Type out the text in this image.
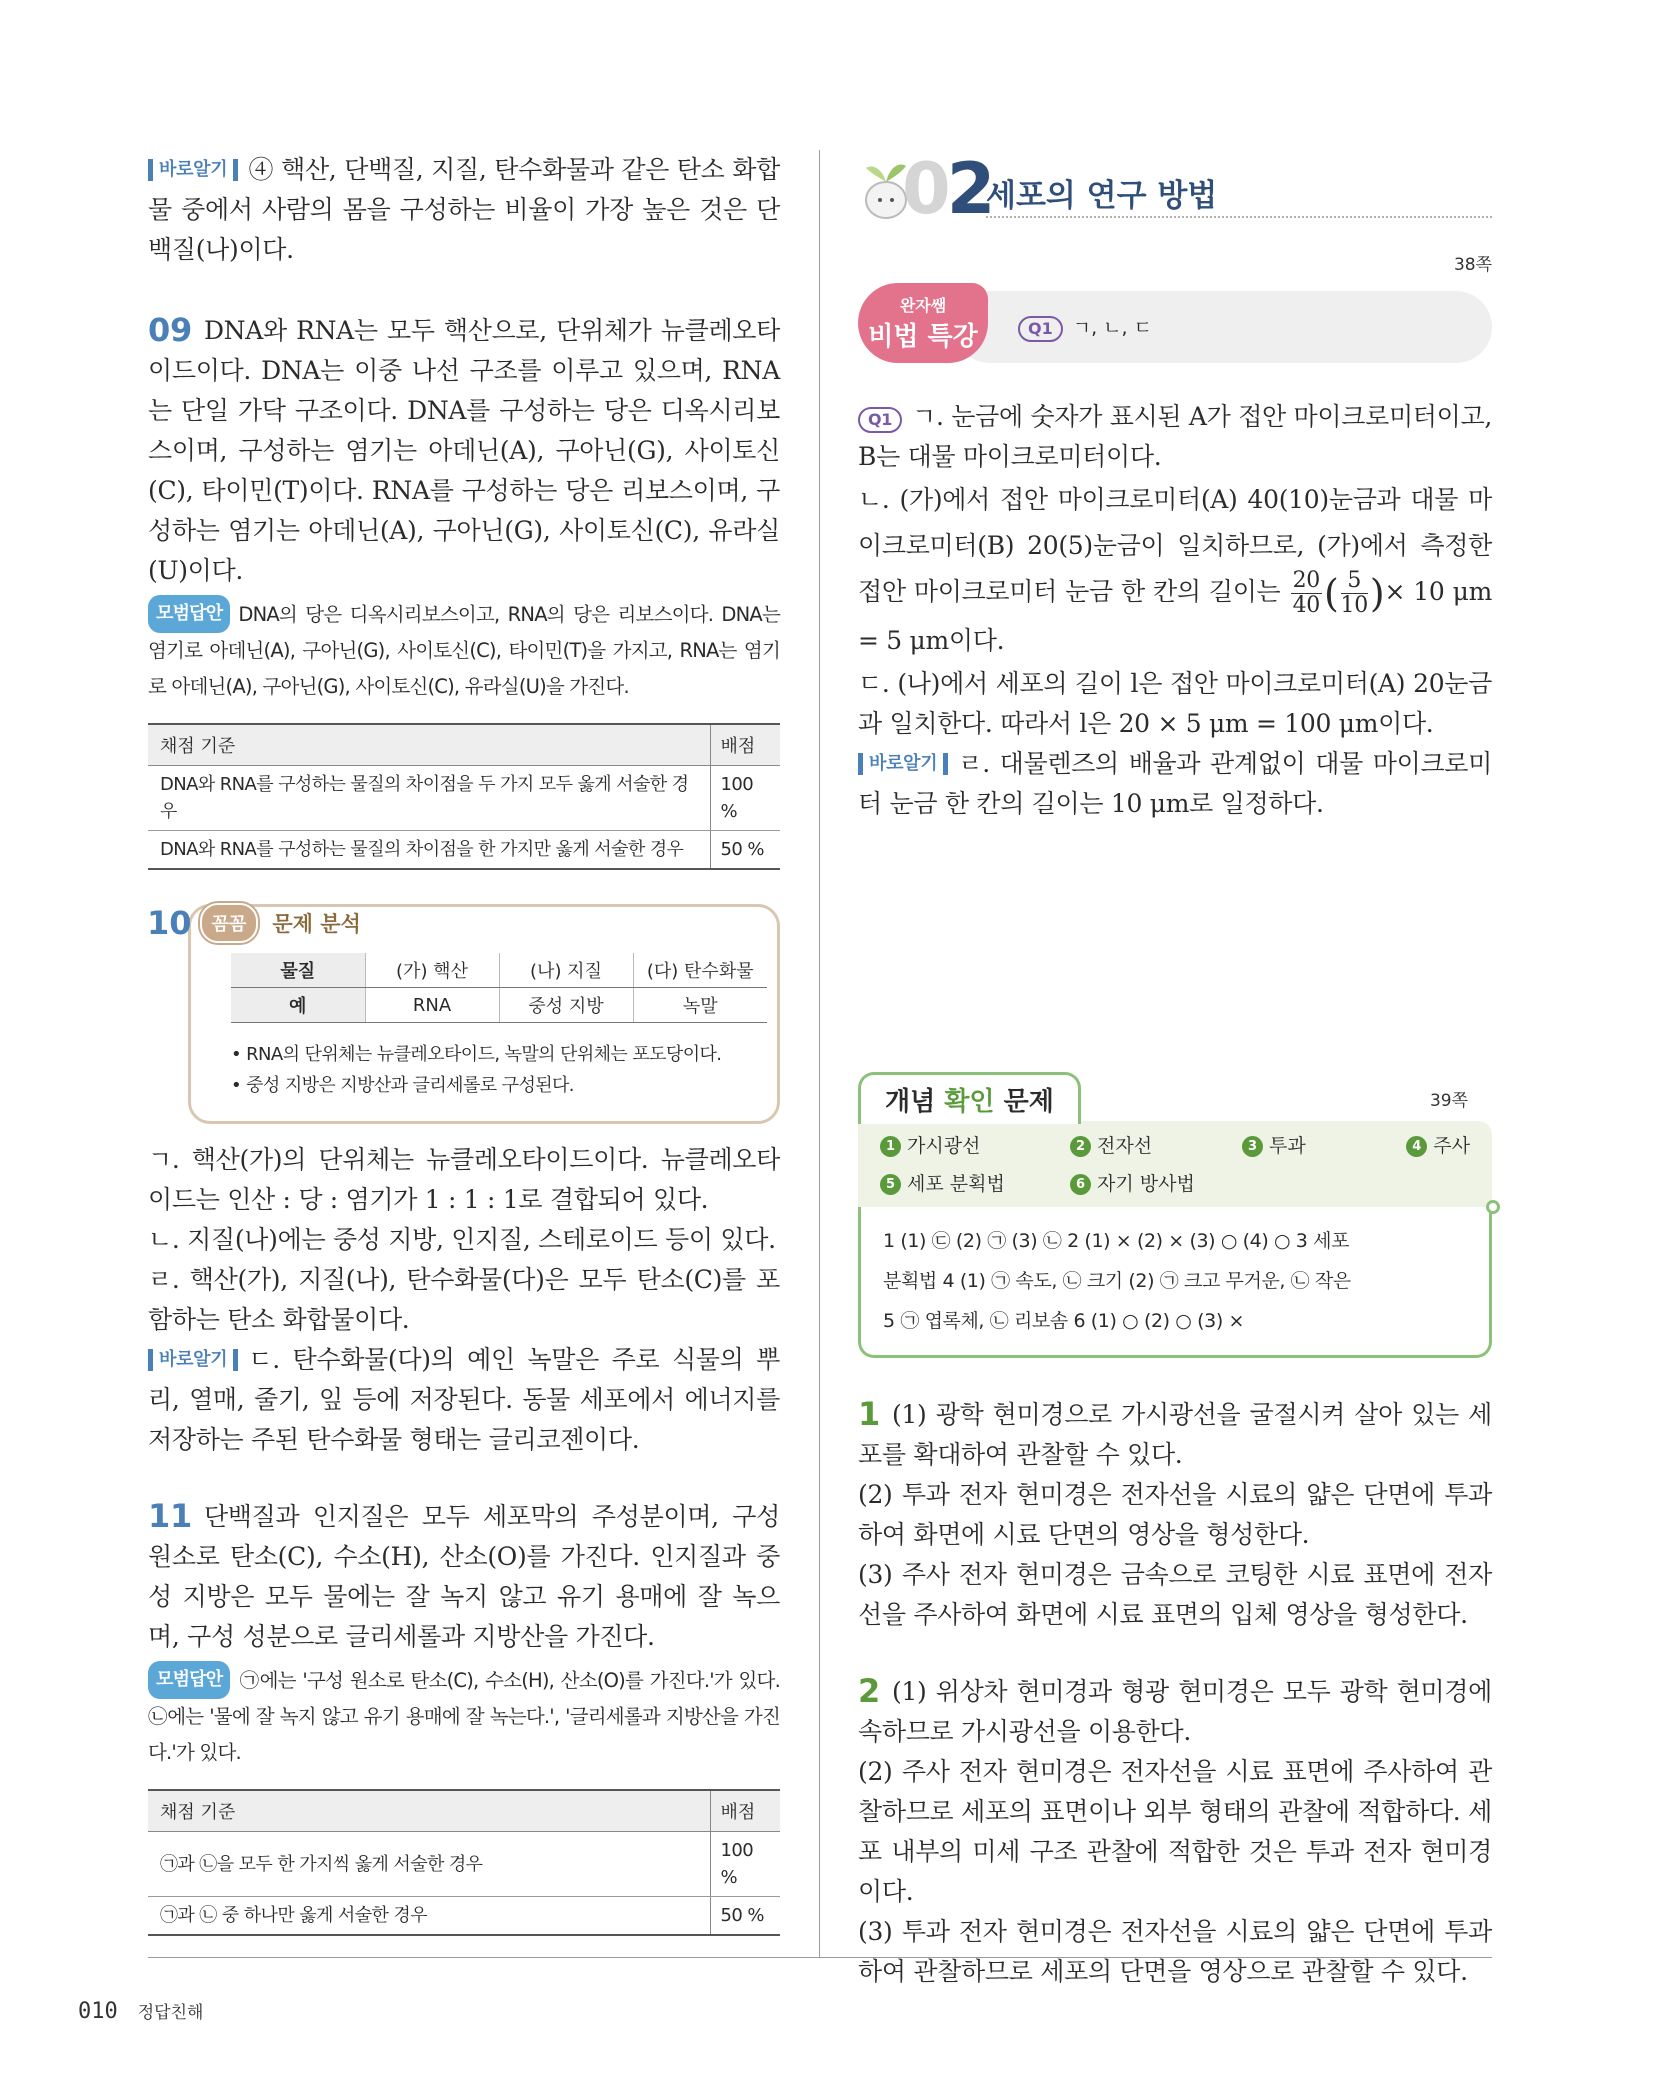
바로알기 ④ 핵산, 단백질, 지질, 탄수화물과 같은 탄소 화합물 중에서 사람의 몸을 구성하는 비율이 가장 높은 것은 단백질(나)이다.

09 DNA와 RNA는 모두 핵산으로, 단위체가 뉴클레오타이드이다. DNA는 이중 나선 구조를 이루고 있으며, RNA는 단일 가닥 구조이다. DNA를 구성하는 당은 디옥시리보스이며, 구성하는 염기는 아데닌(A), 구아닌(G), 사이토신(C), 타이민(T)이다. RNA를 구성하는 당은 리보스이며, 구성하는 염기는 아데닌(A), 구아닌(G), 사이토신(C), 유라실(U)이다.

모범답안 DNA의 당은 디옥시리보스이고, RNA의 당은 리보스이다. DNA는 염기로 아데닌(A), 구아닌(G), 사이토신(C), 타이민(T)을 가지고, RNA는 염기로 아데닌(A), 구아닌(G), 사이토신(C), 유라실(U)을 가진다.

채점 기준	배점
DNA와 RNA를 구성하는 물질의 차이점을 두 가지 모두 옳게 서술한 경우	100 %
DNA와 RNA를 구성하는 물질의 차이점을 한 가지만 옳게 서술한 경우	50 %
10	꼼꼼	문제 분석
물질	(가) 핵산	(나) 지질	(다) 탄수화물
예	RNA	중성 지방	녹말
• RNA의 단위체는 뉴클레오타이드, 녹말의 단위체는 포도당이다.
• 중성 지방은 지방산과 글리세롤로 구성된다.

ㄱ. 핵산(가)의 단위체는 뉴클레오타이드이다. 뉴클레오타이드는 인산 : 당 : 염기가 1 : 1 : 1로 결합되어 있다.

ㄴ. 지질(나)에는 중성 지방, 인지질, 스테로이드 등이 있다.

ㄹ. 핵산(가), 지질(나), 탄수화물(다)은 모두 탄소(C)를 포함하는 탄소 화합물이다.

바로알기 ㄷ. 탄수화물(다)의 예인 녹말은 주로 식물의 뿌리, 열매, 줄기, 잎 등에 저장된다. 동물 세포에서 에너지를 저장하는 주된 탄수화물 형태는 글리코젠이다.

11 단백질과 인지질은 모두 세포막의 주성분이며, 구성 원소로 탄소(C), 수소(H), 산소(O)를 가진다. 인지질과 중성 지방은 모두 물에는 잘 녹지 않고 유기 용매에 잘 녹으며, 구성 성분으로 글리세롤과 지방산을 가진다.

모범답안 ㉠에는 '구성 원소로 탄소(C), 수소(H), 산소(O)를 가진다.'가 있다. ㉡에는 '물에 잘 녹지 않고 유기 용매에 잘 녹는다.', '글리세롤과 지방산을 가진다.'가 있다.

채점 기준	배점
㉠과 ㉡을 모두 한 가지씩 옳게 서술한 경우	100 %
㉠과 ㉡ 중 하나만 옳게 서술한 경우	50 %
02
세포의 연구 방법
38쪽
완자쌤
비법 특강	Q1 ㄱ, ㄴ, ㄷ

Q1 ㄱ. 눈금에 숫자가 표시된 A가 접안 마이크로미터이고, B는 대물 마이크로미터이다.

ㄴ. (가)에서 접안 마이크로미터(A) 40(10)눈금과 대물 마이크로미터(B) 20(5)눈금이 일치하므로, (가)에서 측정한 접안 마이크로미터 눈금 한 칸의 길이는 $\frac{20}{40}$ ( $\frac{5}{10}$ )× 10 μm = 5 μm이다.

ㄷ. (나)에서 세포의 길이 l은 접안 마이크로미터(A) 20눈금과 일치한다. 따라서 l은 20 × 5 μm = 100 μm이다.

바로알기 ㄹ. 대물렌즈의 배율과 관계없이 대물 마이크로미터 눈금 한 칸의 길이는 10 μm로 일정하다.

개념 확인 문제	39쪽
1 가시광선	2 전자선	3 투과	4 주사
5 세포 분획법	6 자기 방사법
1 (1) ㉢ (2) ㉠ (3) ㉡ 2 (1) × (2) × (3) ○ (4) ○ 3 세포
분획법 4 (1) ㉠ 속도, ㉡ 크기 (2) ㉠ 크고 무거운, ㉡ 작은
5 ㉠ 엽록체, ㉡ 리보솜 6 (1) ○ (2) ○ (3) ×

1 (1) 광학 현미경으로 가시광선을 굴절시켜 살아 있는 세포를 확대하여 관찰할 수 있다.

(2) 투과 전자 현미경은 전자선을 시료의 얇은 단면에 투과하여 화면에 시료 단면의 영상을 형성한다.

(3) 주사 전자 현미경은 금속으로 코팅한 시료 표면에 전자선을 주사하여 화면에 시료 표면의 입체 영상을 형성한다.

2 (1) 위상차 현미경과 형광 현미경은 모두 광학 현미경에 속하므로 가시광선을 이용한다.

(2) 주사 전자 현미경은 전자선을 시료 표면에 주사하여 관찰하므로 세포의 표면이나 외부 형태의 관찰에 적합하다. 세포 내부의 미세 구조 관찰에 적합한 것은 투과 전자 현미경이다.

(3) 투과 전자 현미경은 전자선을 시료의 얇은 단면에 투과하여 관찰하므로 세포의 단면을 영상으로 관찰할 수 있다.

010 정답친해
